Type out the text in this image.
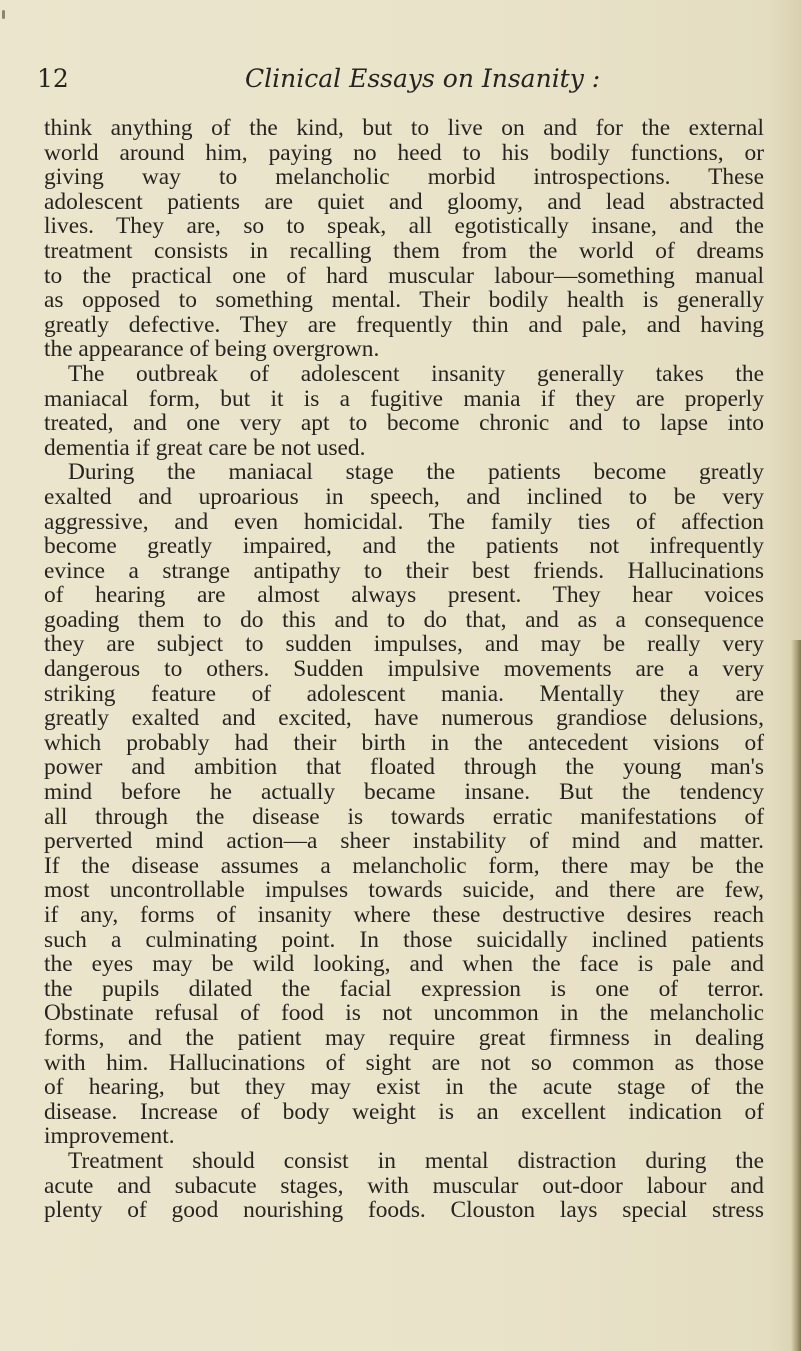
12	Clinical Essays on Insanity :
think anything of the kind, but to live on and for the external
world around him, paying no heed to his bodily functions, or
giving way to melancholic morbid introspections. These
adolescent patients are quiet and gloomy, and lead abstracted
lives. They are, so to speak, all egotistically insane, and the
treatment consists in recalling them from the world of dreams
to the practical one of hard muscular labour—something manual
as opposed to something mental. Their bodily health is generally
greatly defective. They are frequently thin and pale, and having
the appearance of being overgrown.
The outbreak of adolescent insanity generally takes the
maniacal form, but it is a fugitive mania if they are properly
treated, and one very apt to become chronic and to lapse into
dementia if great care be not used.
During the maniacal stage the patients become greatly
exalted and uproarious in speech, and inclined to be very
aggressive, and even homicidal. The family ties of affection
become greatly impaired, and the patients not infrequently
evince a strange antipathy to their best friends. Hallucinations
of hearing are almost always present. They hear voices
goading them to do this and to do that, and as a consequence
they are subject to sudden impulses, and may be really very
dangerous to others. Sudden impulsive movements are a very
striking feature of adolescent mania. Mentally they are
greatly exalted and excited, have numerous grandiose delusions,
which probably had their birth in the antecedent visions of
power and ambition that floated through the young man's
mind before he actually became insane. But the tendency
all through the disease is towards erratic manifestations of
perverted mind action—a sheer instability of mind and matter.
If the disease assumes a melancholic form, there may be the
most uncontrollable impulses towards suicide, and there are few,
if any, forms of insanity where these destructive desires reach
such a culminating point. In those suicidally inclined patients
the eyes may be wild looking, and when the face is pale and
the pupils dilated the facial expression is one of terror.
Obstinate refusal of food is not uncommon in the melancholic
forms, and the patient may require great firmness in dealing
with him. Hallucinations of sight are not so common as those
of hearing, but they may exist in the acute stage of the
disease. Increase of body weight is an excellent indication of
improvement.
Treatment should consist in mental distraction during the
acute and subacute stages, with muscular out-door labour and
plenty of good nourishing foods. Clouston lays special stress
